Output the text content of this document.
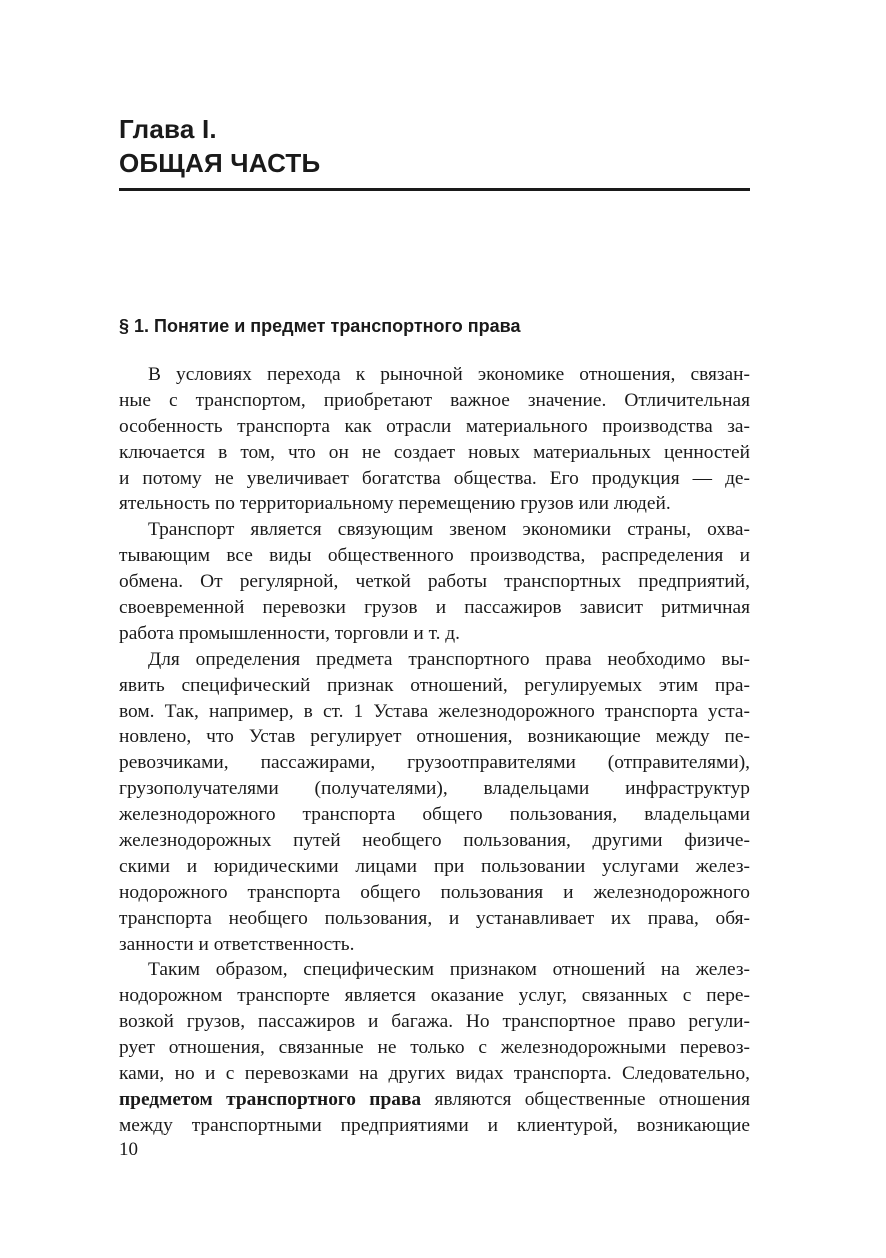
Глава I.
ОБЩАЯ ЧАСТЬ
§ 1. Понятие и предмет транспортного права
В условиях перехода к рыночной экономике отношения, связан-
ные с транспортом, приобретают важное значение. Отличительная
особенность транспорта как отрасли материального производства за-
ключается в том, что он не создает новых материальных ценностей
и потому не увеличивает богатства общества. Его продукция — де-
ятельность по территориальному перемещению грузов или людей.
Транспорт является связующим звеном экономики страны, охва-
тывающим все виды общественного производства, распределения и
обмена. От регулярной, четкой работы транспортных предприятий,
своевременной перевозки грузов и пассажиров зависит ритмичная
работа промышленности, торговли и т. д.
Для определения предмета транспортного права необходимо вы-
явить специфический признак отношений, регулируемых этим пра-
вом. Так, например, в ст. 1 Устава железнодорожного транспорта уста-
новлено, что Устав регулирует отношения, возникающие между пе-
ревозчиками, пассажирами, грузоотправителями (отправителями),
грузополучателями (получателями), владельцами инфраструктур
железнодорожного транспорта общего пользования, владельцами
железнодорожных путей необщего пользования, другими физиче-
скими и юридическими лицами при пользовании услугами желез-
нодорожного транспорта общего пользования и железнодорожного
транспорта необщего пользования, и устанавливает их права, обя-
занности и ответственность.
Таким образом, специфическим признаком отношений на желез-
нодорожном транспорте является оказание услуг, связанных с пере-
возкой грузов, пассажиров и багажа. Но транспортное право регули-
рует отношения, связанные не только с железнодорожными перевоз-
ками, но и с перевозками на других видах транспорта. Следовательно,
предметом транспортного права являются общественные отношения
между транспортными предприятиями и клиентурой, возникающие
10
